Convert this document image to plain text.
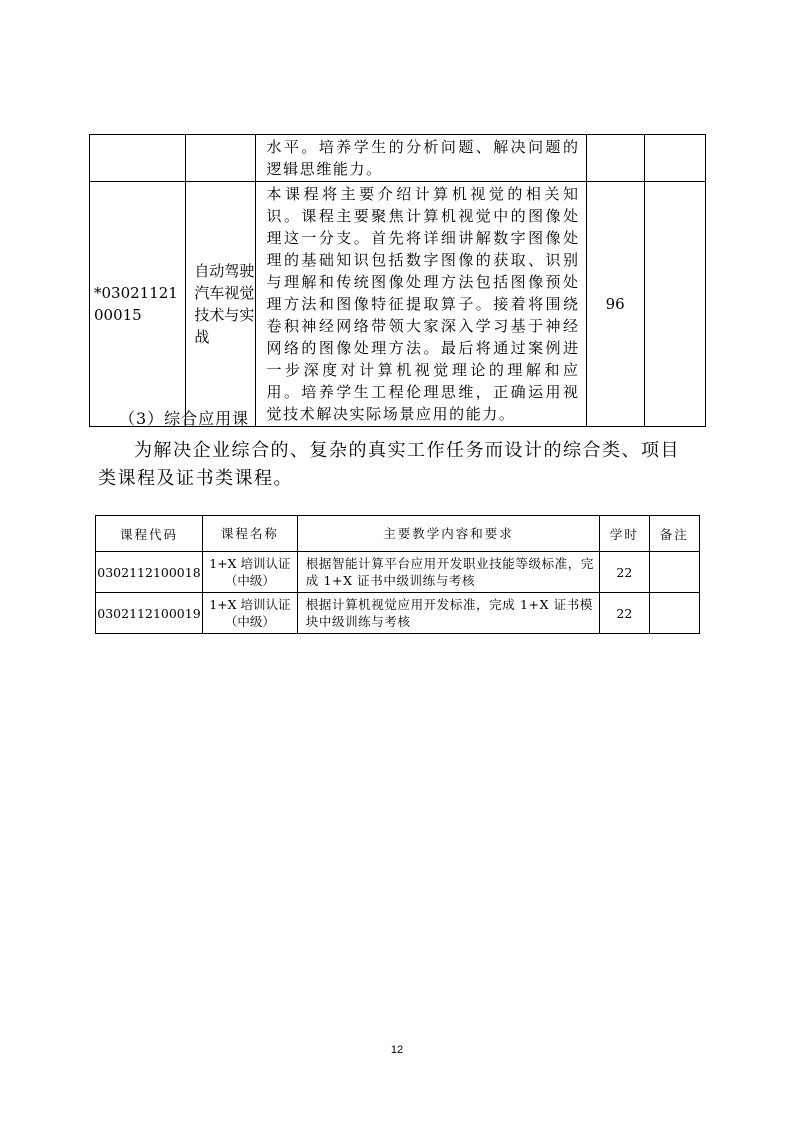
		水平。培养学生的分析问题、解决问题的逻辑思维能力。		
*0302112100015	自动驾驶汽车视觉技术与实战	本课程将主要介绍计算机视觉的相关知识。课程主要聚焦计算机视觉中的图像处理这一分支。首先将详细讲解数字图像处理的基础知识包括数字图像的获取、识别与理解和传统图像处理方法包括图像预处理方法和图像特征提取算子。接着将围绕卷积神经网络带领大家深入学习基于神经网络的图像处理方法。最后将通过案例进一步深度对计算机视觉理论的理解和应用。培养学生工程伦理思维，正确运用视觉技术解决实际场景应用的能力。	96	
（3）综合应用课
为解决企业综合的、复杂的真实工作任务而设计的综合类、项目类课程及证书类课程。
课程代码	课程名称	主要教学内容和要求	学时	备注
0302112100018	1+X 培训认证（中级）	根据智能计算平台应用开发职业技能等级标准，完成 1+X 证书中级训练与考核	22	
0302112100019	1+X 培训认证（中级）	根据计算机视觉应用开发标准，完成 1+X 证书模块中级训练与考核	22	
12
